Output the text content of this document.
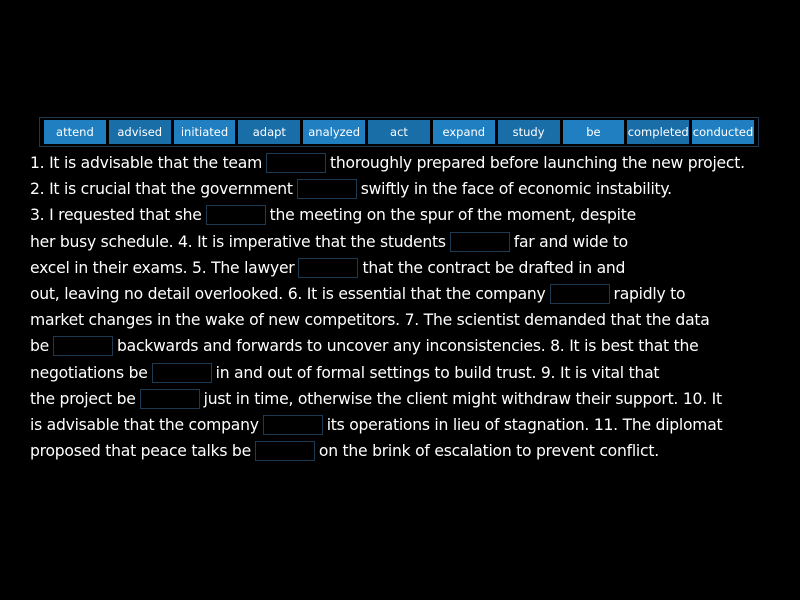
attend	advised	initiated	adapt	analyzed	act	expand	study	be	completed conducted
1. It is advisable that the team	thoroughly prepared before launching the new project.
2. It is crucial that the government	swiftly in the face of economic instability.
3. I requested that she	the meeting on the spur of the moment, despite
her busy schedule. 4. It is imperative that the students	far and wide to
excel in their exams. 5. The lawyer	that the contract be drafted in and
out, leaving no detail overlooked. 6. It is essential that the company	rapidly to
market changes in the wake of new competitors. 7. The scientist demanded that the data
be	backwards and forwards to uncover any inconsistencies. 8. It is best that the
negotiations be	in and out of formal settings to build trust. 9. It is vital that
the project be	just in time, otherwise the client might withdraw their support. 10. It
is advisable that the company	its operations in lieu of stagnation. 11. The diplomat
proposed that peace talks be	on the brink of escalation to prevent conflict.
